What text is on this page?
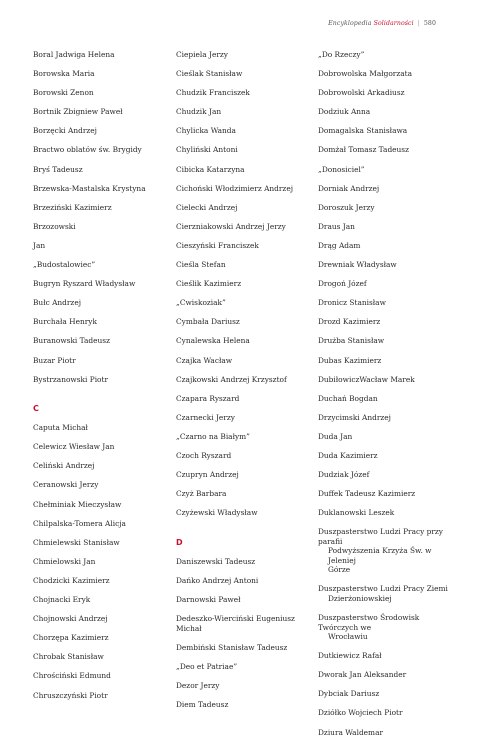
Encyklopedia Solidarności | 580
Boral Jadwiga Helena
Borowska Maria
Borowski Zenon
Bortnik Zbigniew Paweł
Borzęcki Andrzej
Bractwo oblatów św. Brygidy
Bryś Tadeusz
Brzewska-Mastalska Krystyna
Brzeziński Kazimierz
Brzozowski
Jan
„Budostalowiec”
Bugryn Ryszard Władysław
Bułc Andrzej
Burchała Henryk
Buranowski Tadeusz
Buzar Piotr
Bystrzanowski Piotr
C
Caputa Michał
Celewicz Wiesław Jan
Celiński Andrzej
Ceranowski Jerzy
Chełminiak Mieczysław
Chilpalska-Tomera Alicja
Chmielewski Stanisław
Chmielowski Jan
Chodzicki Kazimierz
Chojnacki Eryk
Chojnowski Andrzej
Chorzępa Kazimierz
Chrobak Stanisław
Chrościński Edmund
Chruszczyński Piotr
Ciepiela Jerzy
Cieślak Stanisław
Chudzik Franciszek
Chudzik Jan
Chylicka Wanda
Chyliński Antoni
Cibicka Katarzyna
Cichoński Włodzimierz Andrzej
Cielecki Andrzej
Cierzniakowski Andrzej Jerzy
Cieszyński Franciszek
Cieśla Stefan
Cieślik Kazimierz
„Cwiskoziak”
Cymbała Dariusz
Cynalewska Helena
Czajka Wacław
Czajkowski Andrzej Krzysztof
Czapara Ryszard
Czarnecki Jerzy
„Czarno na Białym”
Czoch Ryszard
Czupryn Andrzej
Czyż Barbara
Czyżewski Władysław
D
Daniszewski Tadeusz
Dańko Andrzej Antoni
Darnowski Paweł
Dedeszko-Wierciński Eugeniusz Michał
Dembiński Stanisław Tadeusz
„Deo et Patriae”
Dezor Jerzy
Diem Tadeusz
„Do Rzeczy”
Dobrowolska Małgorzata
Dobrowolski Arkadiusz
Dodziuk Anna
Domagalska Stanisława
Domżał Tomasz Tadeusz
„Donosiciel”
Dorniak Andrzej
Doroszuk Jerzy
Draus Jan
Drąg Adam
Drewniak Władysław
Drogoń Józef
Dronicz Stanisław
Drozd Kazimierz
Drużba Stanisław
Dubas Kazimierz
DubiłowiczWacław Marek
Duchań Bogdan
Drzycimski Andrzej
Duda Jan
Duda Kazimierz
Dudziak Józef
Duffek Tadeusz Kazimierz
Duklanowski Leszek
Duszpasterstwo Ludzi Pracy przy parafii
Podwyższenia Krzyża Św. w Jeleniej
Górze
Duszpasterstwo Ludzi Pracy Ziemi
Dzierżoniowskiej
Duszpasterstwo Środowisk Twórczych we
Wrocławiu
Dutkiewicz Rafał
Dworak Jan Aleksander
Dybciak Dariusz
Dziółko Wojciech Piotr
Dziura Waldemar
